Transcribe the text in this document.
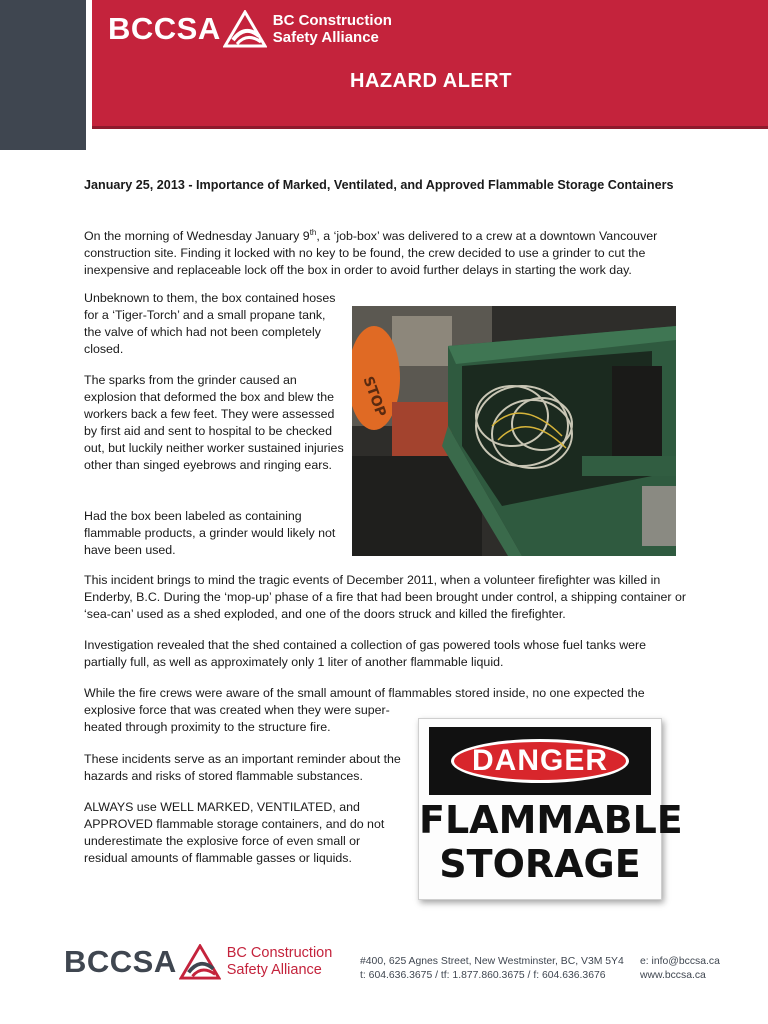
BCCSA	BC Construction
Safety Alliance
HAZARD ALERT
January 25, 2013 - Importance of Marked, Ventilated, and Approved Flammable Storage Containers
On the morning of Wednesday January 9th, a ‘job-box’ was delivered to a crew at a downtown Vancouver construction site. Finding it locked with no key to be found, the crew decided to use a grinder to cut the inexpensive and replaceable lock off the box in order to avoid further delays in starting the work day.
Unbeknown to them, the box contained hoses for a ‘Tiger-Torch’ and a small propane tank, the valve of which had not been completely closed.
The sparks from the grinder caused an explosion that deformed the box and blew the workers back a few feet. They were assessed by first aid and sent to hospital to be checked out, but luckily neither worker sustained injuries other than singed eyebrows and ringing ears.
Had the box been labeled as containing flammable products, a grinder would likely not have been used.
STOP
This incident brings to mind the tragic events of December 2011, when a volunteer firefighter was killed in Enderby, B.C. During the ‘mop-up’ phase of a fire that had been brought under control, a shipping container or ‘sea-can’ used as a shed exploded, and one of the doors struck and killed the firefighter.
Investigation revealed that the shed contained a collection of gas powered tools whose fuel tanks were partially full, as well as approximately only 1 liter of another flammable liquid.
While the fire crews were aware of the small amount of flammables stored inside, no one expected the
explosive force that was created when they were super-heated through proximity to the structure fire.
These incidents serve as an important reminder about the hazards and risks of stored flammable substances.
ALWAYS use WELL MARKED, VENTILATED, and APPROVED flammable storage containers, and do not underestimate the explosive force of even small or residual amounts of flammable gasses or liquids.
DANGER
FLAMMABLE
STORAGE
BCCSA	BC Construction
Safety Alliance
#400, 625 Agnes Street, New Westminster, BC, V3M 5Y4
t: 604.636.3675 / tf: 1.877.860.3675 / f: 604.636.3676
e: info@bccsa.ca
www.bccsa.ca
